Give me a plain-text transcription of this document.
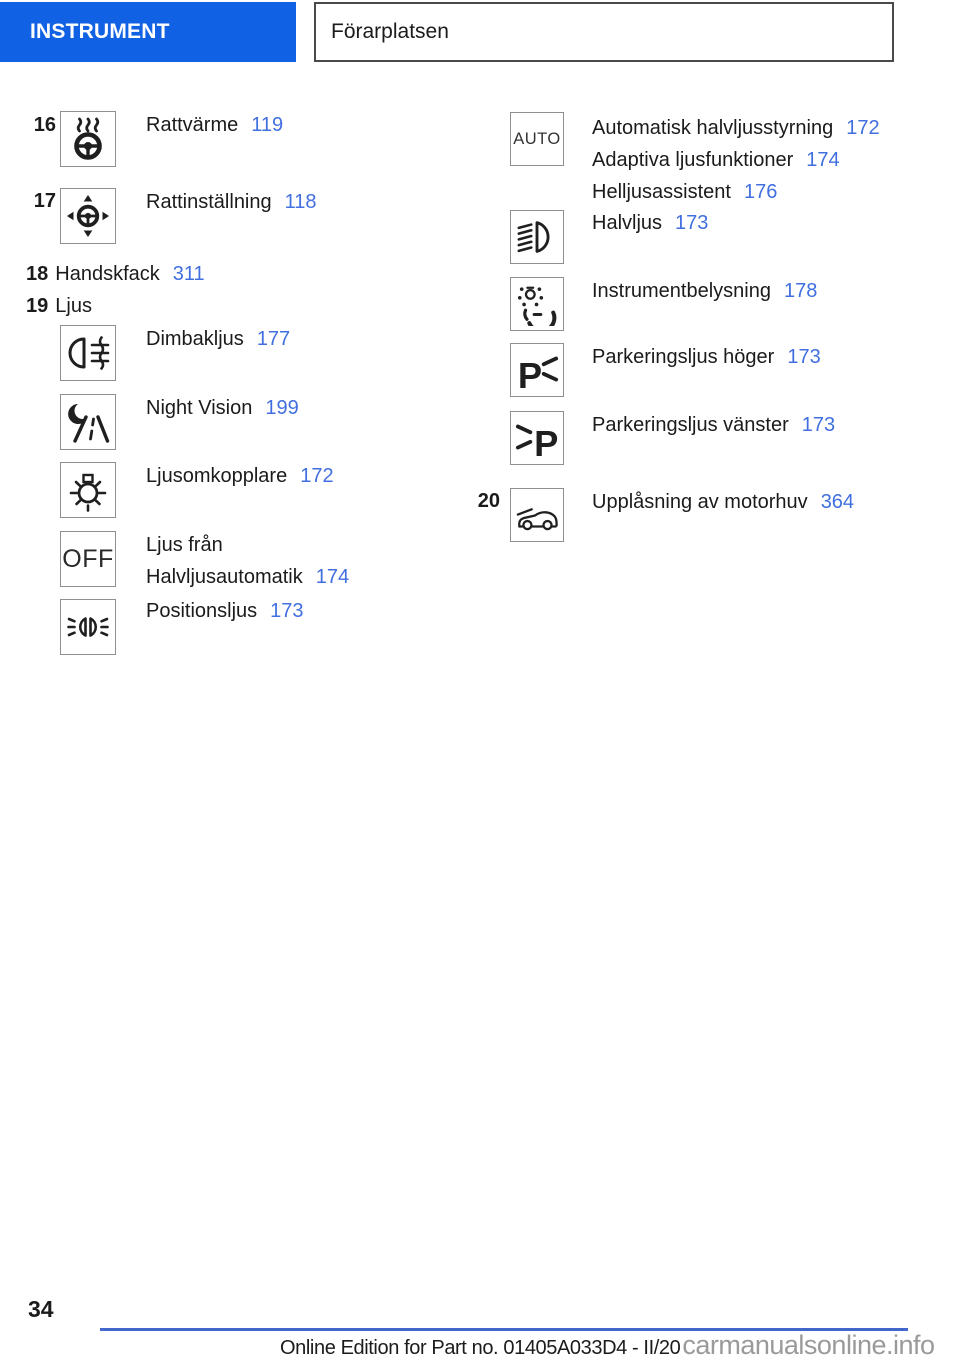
INSTRUMENT	Förarplatsen
16	Rattvärme 119
17	Rattinställning 118
18 Handskfack 311
19 Ljus
Dimbakljus 177
Night Vision 199
Ljusomkopplare 172
OFF Ljus från
Halvljusautomatik 174
Positionsljus 173
AUTO Automatisk halvljusstyrning 172
Adaptiva ljusfunktioner 174
Helljusassistent 176
Halvljus 173
Instrumentbelysning 178
P Parkeringsljus höger 173
P Parkeringsljus vänster 173
20	Upplåsning av motorhuv 364
34
Online Edition for Part no. 01405A033D4 - II/20 carmanualsonline.info
